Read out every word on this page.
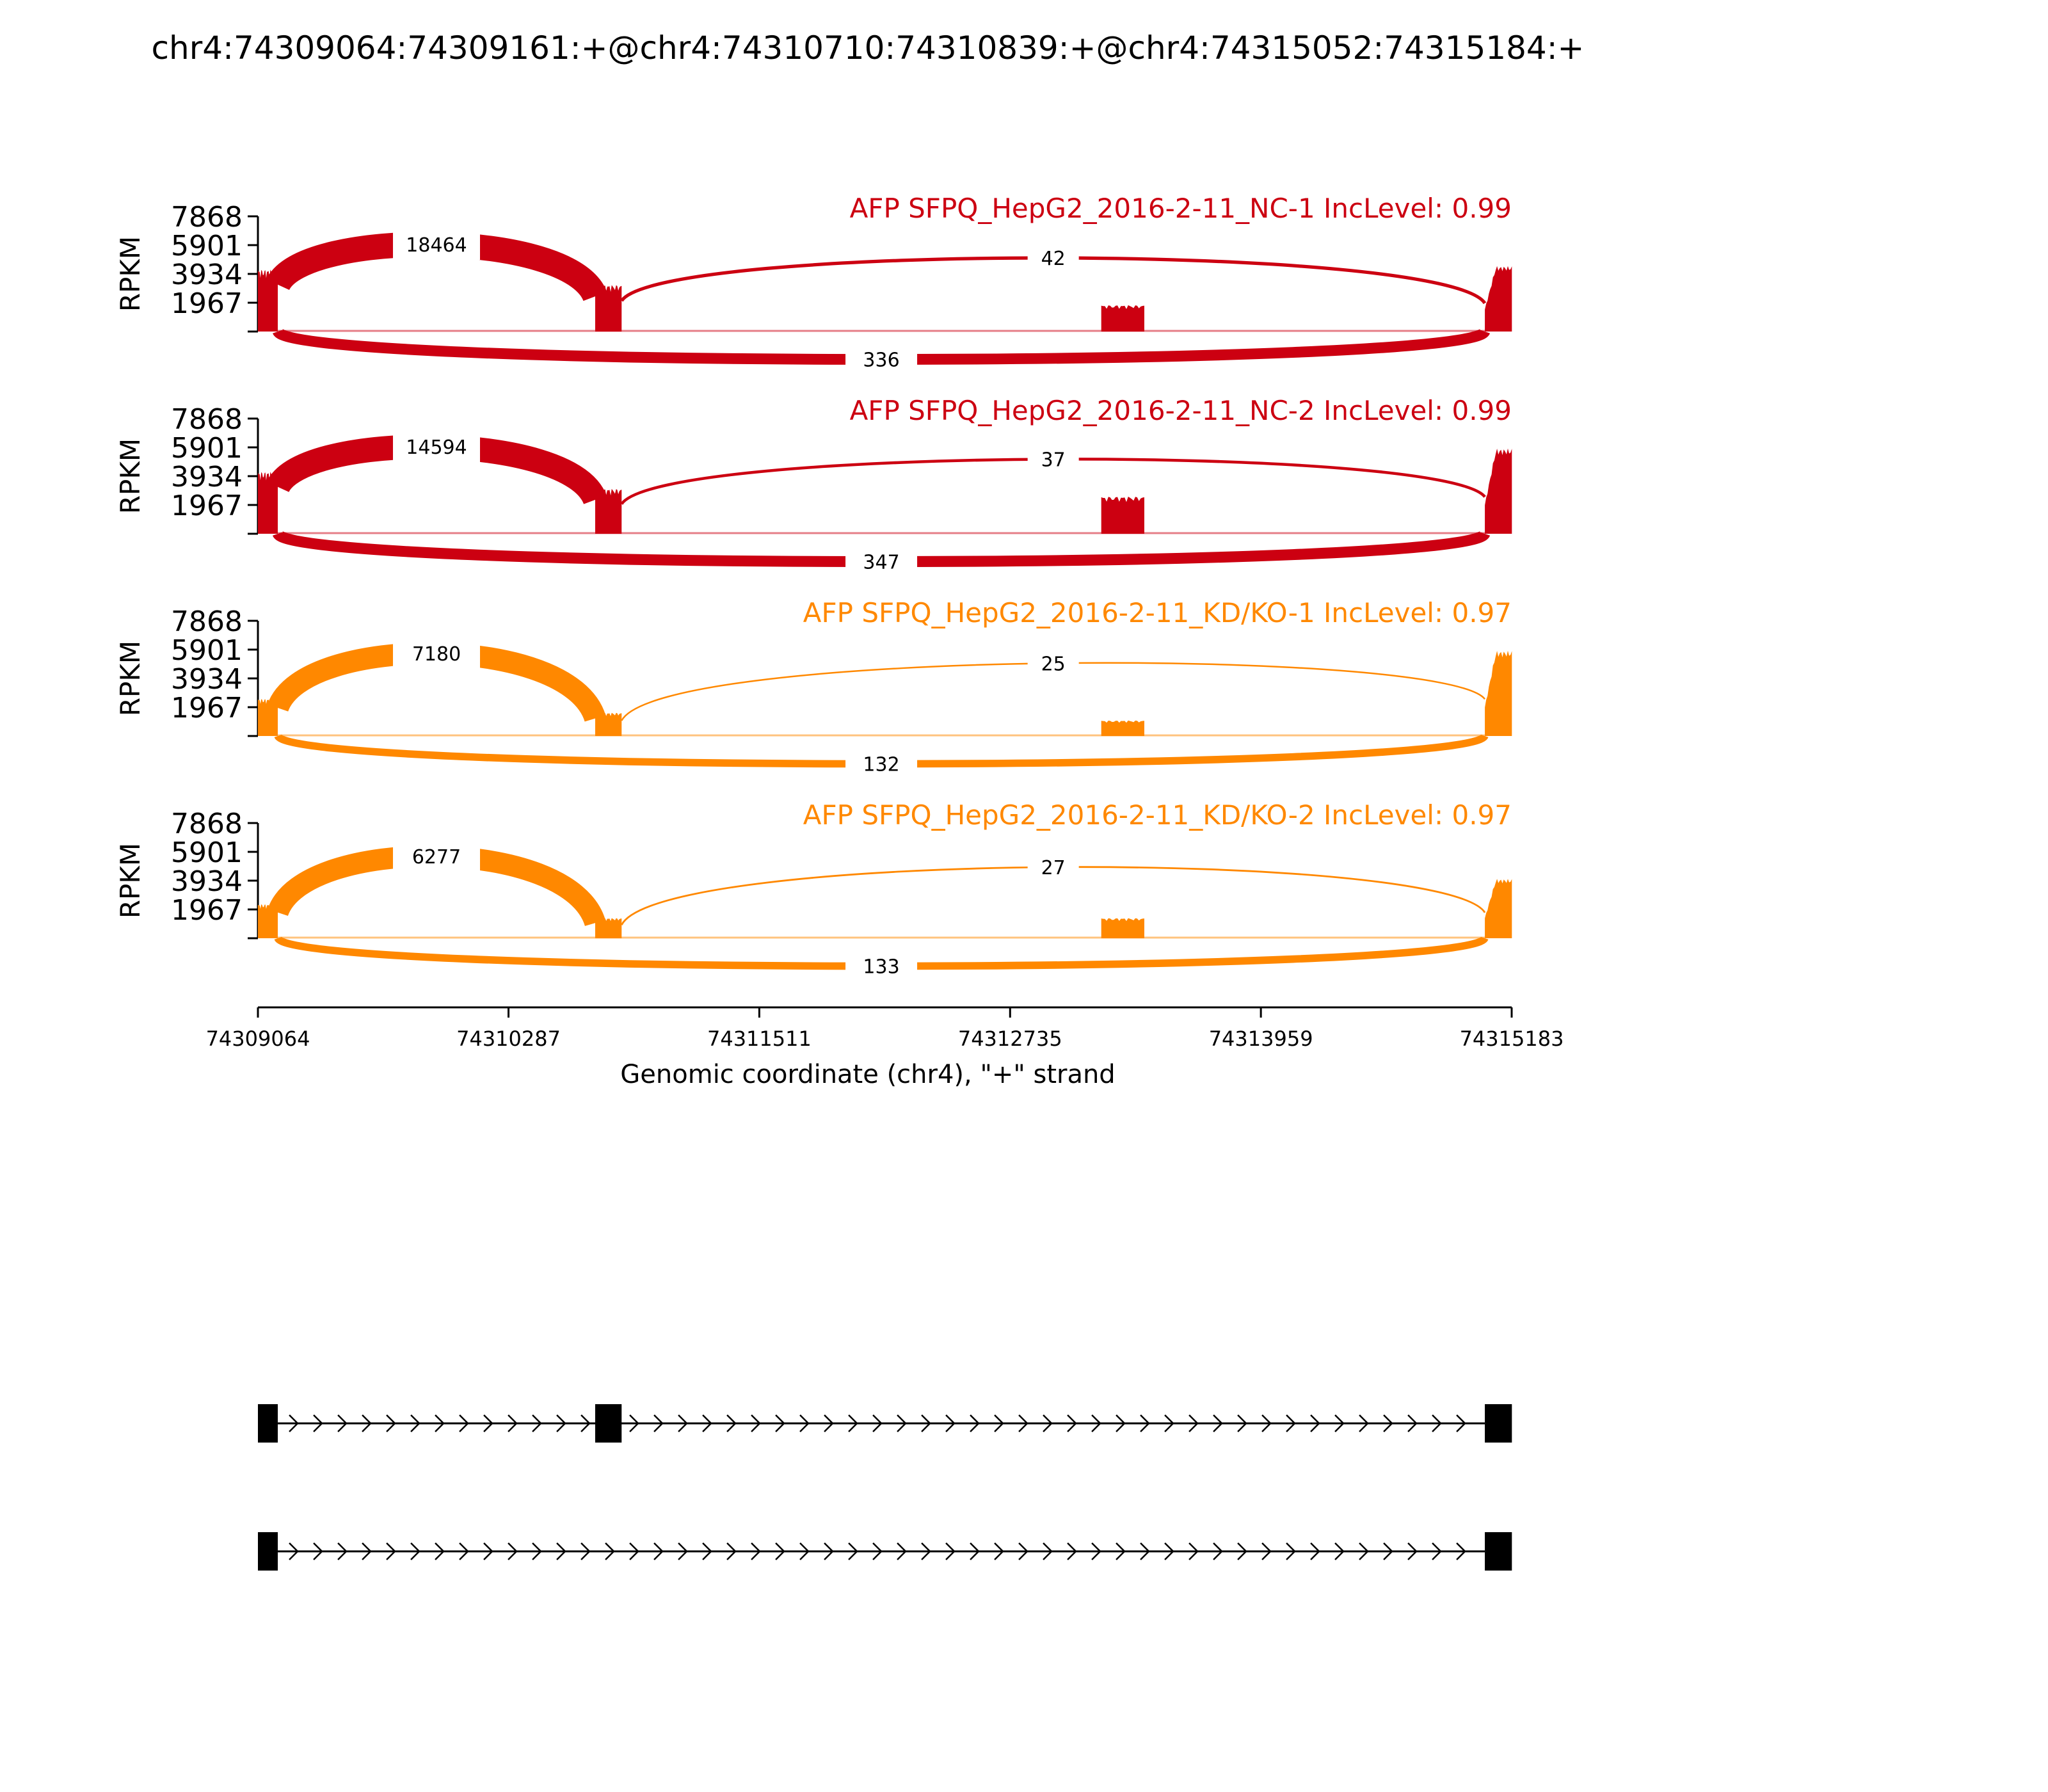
chr4:74309064:74309161:+@chr4:74310710:74310839:+@chr4:74315052:74315184:+
1967
3934
5901
7868
RPKM	18464
42
336
AFP SFPQ_HepG2_2016-2-11_NC-1 IncLevel: 0.99
1967
3934
5901
7868
RPKM	14594
37
347
AFP SFPQ_HepG2_2016-2-11_NC-2 IncLevel: 0.99
1967
3934
5901
7868
RPKM	7180	25
132
AFP SFPQ_HepG2_2016-2-11_KD/KO-1 IncLevel: 0.97
1967
3934
5901
7868
RPKM	6277	27
133
AFP SFPQ_HepG2_2016-2-11_KD/KO-2 IncLevel: 0.97
74309064	74310287	74311511	74312735	74313959	74315183
Genomic coordinate (chr4), "+" strand
